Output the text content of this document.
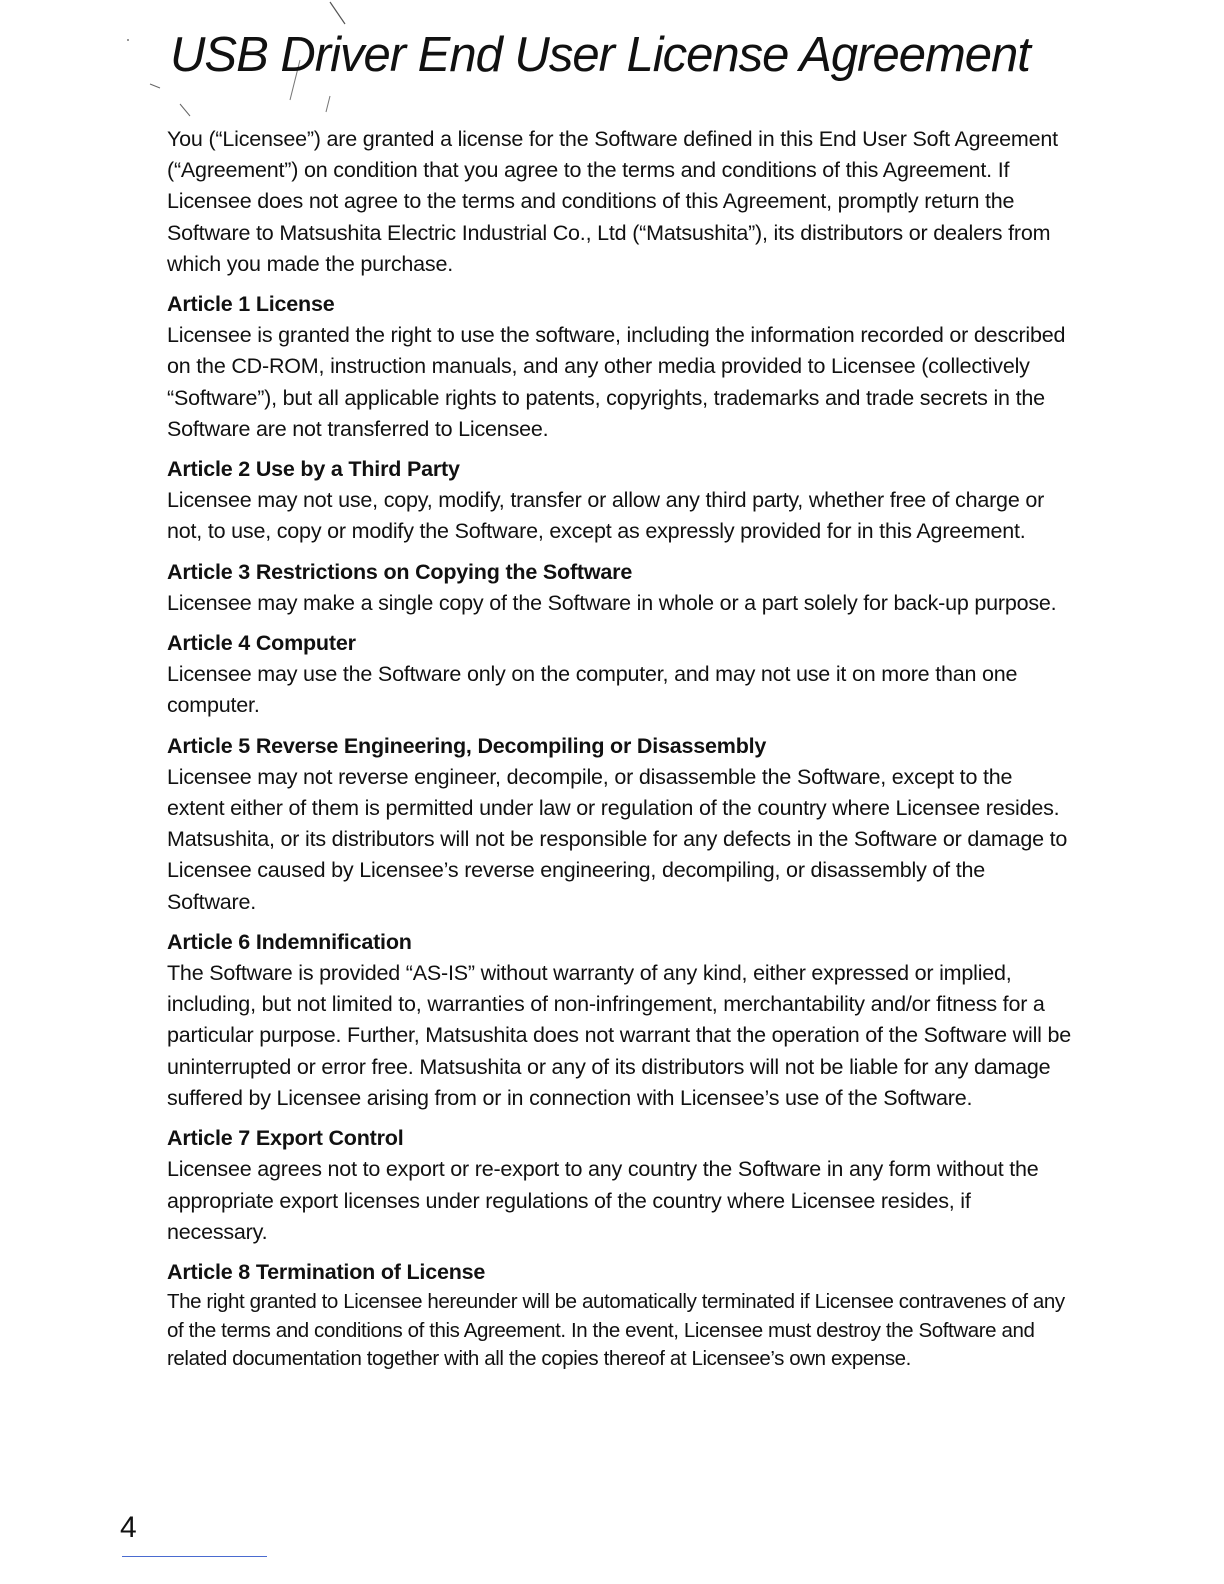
USB Driver End User License Agreement

You (“Licensee”) are granted a license for the Software defined in this End User Soft Agreement (“Agreement”) on condition that you agree to the terms and conditions of this Agreement. If Licensee does not agree to the terms and conditions of this Agreement, promptly return the Software to Matsushita Electric Industrial Co., Ltd (“Matsushita”), its distributors or dealers from which you made the purchase.

Article 1 License

Licensee is granted the right to use the software, including the information recorded or described on the CD-ROM, instruction manuals, and any other media provided to Licensee (collectively “Software”), but all applicable rights to patents, copyrights, trademarks and trade secrets in the Software are not transferred to Licensee.

Article 2 Use by a Third Party

Licensee may not use, copy, modify, transfer or allow any third party, whether free of charge or not, to use, copy or modify the Software, except as expressly provided for in this Agreement.

Article 3 Restrictions on Copying the Software

Licensee may make a single copy of the Software in whole or a part solely for back-up purpose.

Article 4 Computer

Licensee may use the Software only on the computer, and may not use it on more than one computer.

Article 5 Reverse Engineering, Decompiling or Disassembly

Licensee may not reverse engineer, decompile, or disassemble the Software, except to the extent either of them is permitted under law or regulation of the country where Licensee resides. Matsushita, or its distributors will not be responsible for any defects in the Software or damage to Licensee caused by Licensee’s reverse engineering, decompiling, or disassembly of the Software.

Article 6 Indemnification

The Software is provided “AS-IS” without warranty of any kind, either expressed or implied, including, but not limited to, warranties of non-infringement, merchantability and/or fitness for a particular purpose. Further, Matsushita does not warrant that the operation of the Software will be uninterrupted or error free. Matsushita or any of its distributors will not be liable for any damage suffered by Licensee arising from or in connection with Licensee’s use of the Software.

Article 7 Export Control

Licensee agrees not to export or re-export to any country the Software in any form without the appropriate export licenses under regulations of the country where Licensee resides, if necessary.

Article 8 Termination of License

The right granted to Licensee hereunder will be automatically terminated if Licensee contravenes of any of the terms and conditions of this Agreement. In the event, Licensee must destroy the Software and related documentation together with all the copies thereof at Licensee’s own expense.

4
